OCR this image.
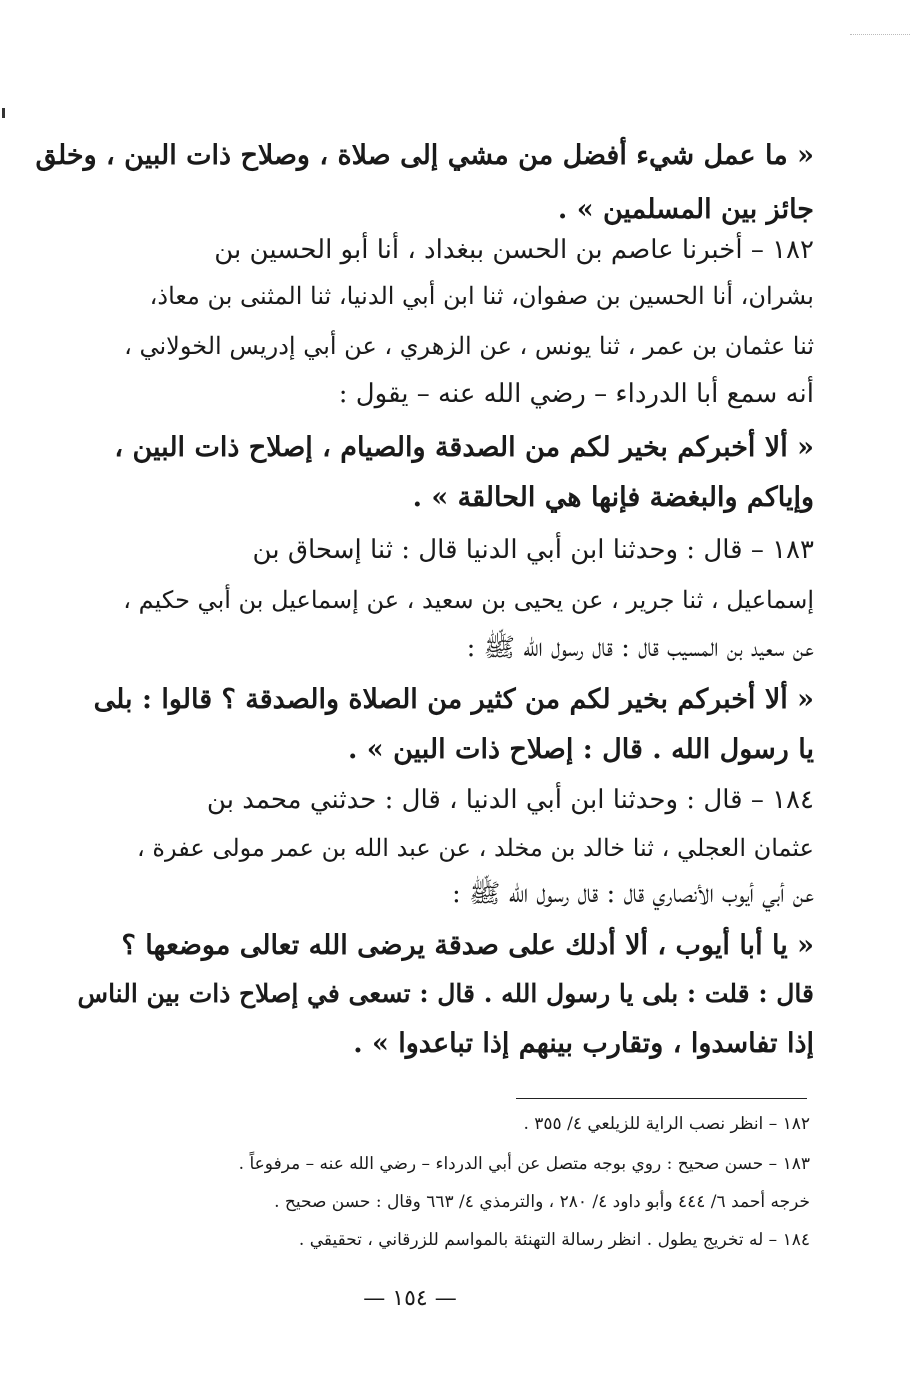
« ما عمل شيء أفضل من مشي إلى صلاة ، وصلاح ذات البين ، وخلق
جائز بين المسلمين » .
١٨٢ – أخبرنا عاصم بن الحسن ببغداد ، أنا أبو الحسين بن
بشران، أنا الحسين بن صفوان، ثنا ابن أبي الدنيا، ثنا المثنى بن معاذ،
ثنا عثمان بن عمر ، ثنا يونس ، عن الزهري ، عن أبي إدريس الخولاني ،
أنه سمع أبا الدرداء – رضي الله عنه – يقول :
« ألا أخبركم بخير لكم من الصدقة والصيام ، إصلاح ذات البين ،
وإياكم والبغضة فإنها هي الحالقة » .
١٨٣ – قال : وحدثنا ابن أبي الدنيا قال : ثنا إسحاق بن
إسماعيل ، ثنا جرير ، عن يحيى بن سعيد ، عن إسماعيل بن أبي حكيم ،
عن سعيد بن المسيب قال : قال رسول الله ﷺ :
« ألا أخبركم بخير لكم من كثير من الصلاة والصدقة ؟ قالوا : بلى
يا رسول الله . قال : إصلاح ذات البين » .
١٨٤ – قال : وحدثنا ابن أبي الدنيا ، قال : حدثني محمد بن
عثمان العجلي ، ثنا خالد بن مخلد ، عن عبد الله بن عمر مولى عفرة ،
عن أبي أيوب الأنصاري قال : قال رسول الله ﷺ :
« يا أبا أيوب ، ألا أدلك على صدقة يرضى الله تعالى موضعها ؟
قال : قلت : بلى يا رسول الله . قال : تسعى في إصلاح ذات بين الناس
إذا تفاسدوا ، وتقارب بينهم إذا تباعدوا » .
١٨٢ – انظر نصب الراية للزيلعي ٤/ ٣٥٥ .
١٨٣ – حسن صحيح : روي بوجه متصل عن أبي الدرداء – رضي الله عنه – مرفوعاً .
خرجه أحمد ٦/ ٤٤٤ وأبو داود ٤/ ٢٨٠ ، والترمذي ٤/ ٦٦٣ وقال : حسن صحيح .
١٨٤ – له تخريج يطول . انظر رسالة التهنئة بالمواسم للزرقاني ، تحقيقي .
— ١٥٤ —
